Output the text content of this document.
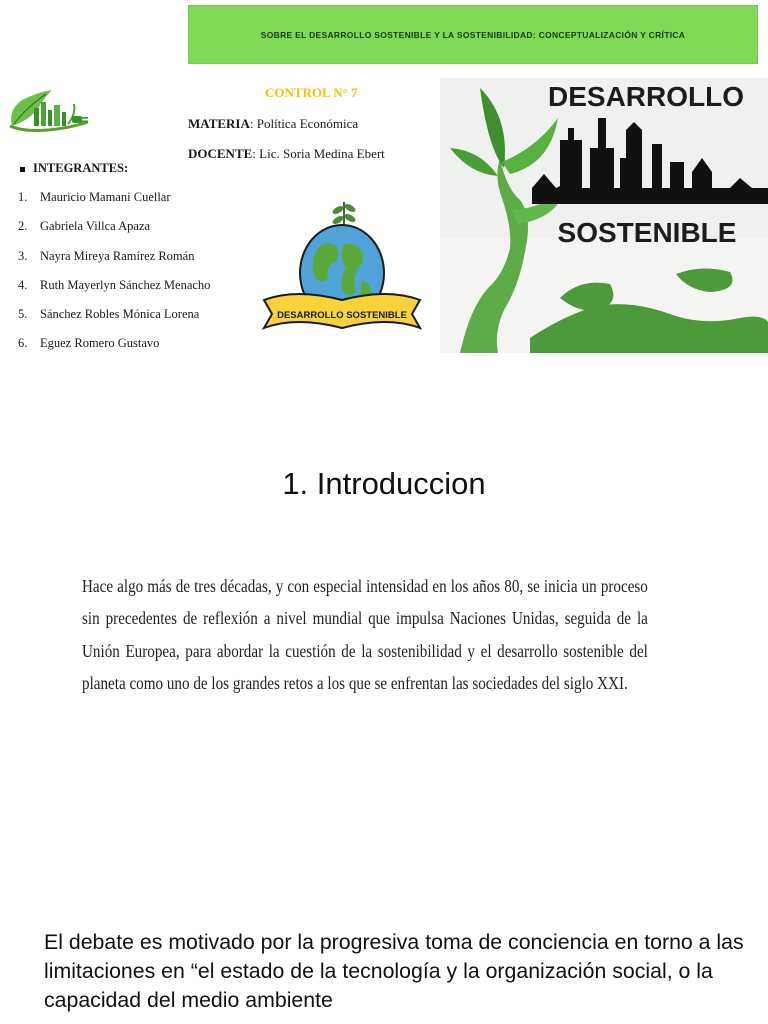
SOBRE EL DESARROLLO SOSTENIBLE Y LA SOSTENIBILIDAD: CONCEPTUALIZACIÓN Y CRÍTICA
CONTROL N° 7
MATERIA: Política Económica
DOCENTE: Lic. Soria Medina Ebert
INTEGRANTES:
1.	Mauricio Mamani Cuellar
2.	Gabriela Villca Apaza
3.	Nayra Mireya Ramírez Román
4.	Ruth Mayerlyn Sánchez Menacho
5.	Sánchez Robles Mónica Lorena
6.	Eguez Romero Gustavo
DESARROLLO SOSTENIBLE
DESARROLLO
SOSTENIBLE
1. Introduccion
Hace algo más de tres décadas, y con especial intensidad en los años 80, se inicia un proceso sin precedentes de reflexión a nivel mundial que impulsa Naciones Unidas, seguida de la Unión Europea, para abordar la cuestión de la sostenibilidad y el desarrollo sostenible del planeta como uno de los grandes retos a los que se enfrentan las sociedades del siglo XXI.
El debate es motivado por la progresiva toma de conciencia en torno a las limitaciones en “el estado de la tecnología y la organización social, o la capacidad del medio ambiente
